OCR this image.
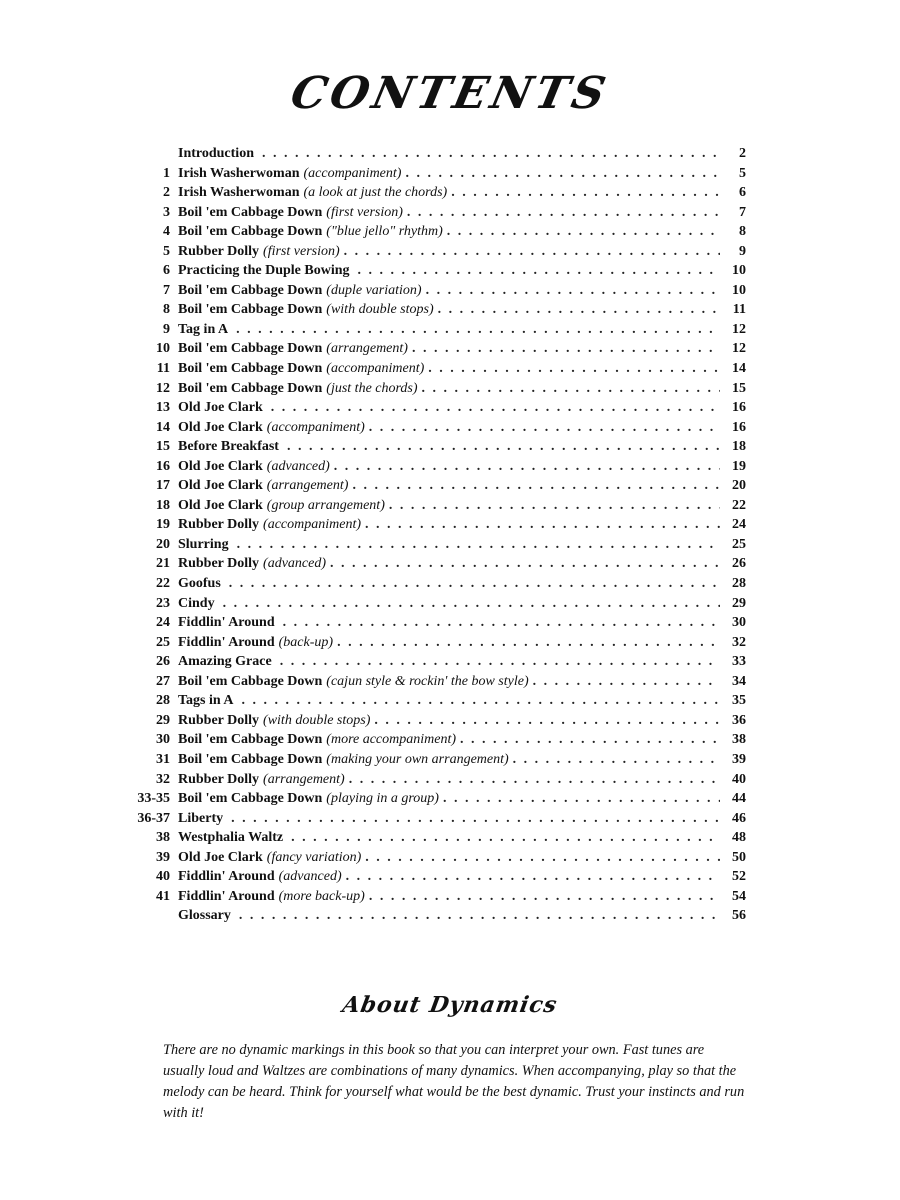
CONTENTS
Introduction . . .	2
1 Irish Washerwoman (accompaniment) . . .	5
2 Irish Washerwoman (a look at just the chords) . . .	6
3 Boil 'em Cabbage Down (first version) . . .	7
4 Boil 'em Cabbage Down ("blue jello" rhythm) . . .	8
5 Rubber Dolly (first version) . . .	9
6 Practicing the Duple Bowing . . .	10
7 Boil 'em Cabbage Down (duple variation) . . .	10
8 Boil 'em Cabbage Down (with double stops) . . .	11
9 Tag in A . . .	12
10 Boil 'em Cabbage Down (arrangement) . . .	12
11 Boil 'em Cabbage Down (accompaniment) . . .	14
12 Boil 'em Cabbage Down (just the chords) . . .	15
13 Old Joe Clark . . .	16
14 Old Joe Clark (accompaniment) . . .	16
15 Before Breakfast . . .	18
16 Old Joe Clark (advanced) . . .	19
17 Old Joe Clark (arrangement) . . .	20
18 Old Joe Clark (group arrangement) . . .	22
19 Rubber Dolly (accompaniment) . . .	24
20 Slurring . . .	25
21 Rubber Dolly (advanced) . . .	26
22 Goofus . . .	28
23 Cindy . . .	29
24 Fiddlin' Around . . .	30
25 Fiddlin' Around (back-up) . . .	32
26 Amazing Grace . . .	33
27 Boil 'em Cabbage Down (cajun style & rockin' the bow style) . . .	34
28 Tags in A . . .	35
29 Rubber Dolly (with double stops) . . .	36
30 Boil 'em Cabbage Down (more accompaniment) . . .	38
31 Boil 'em Cabbage Down (making your own arrangement) . . .	39
32 Rubber Dolly (arrangement) . . .	40
33-35 Boil 'em Cabbage Down (playing in a group) . . .	44
36-37 Liberty . . .	46
38 Westphalia Waltz . . .	48
39 Old Joe Clark (fancy variation) . . .	50
40 Fiddlin' Around (advanced) . . .	52
41 Fiddlin' Around (more back-up) . . .	54
Glossary . . .	56
About Dynamics
There are no dynamic markings in this book so that you can interpret your own. Fast tunes are usually loud and Waltzes are combinations of many dynamics. When accompanying, play so that the melody can be heard. Think for yourself what would be the best dynamic. Trust your instincts and run with it!
